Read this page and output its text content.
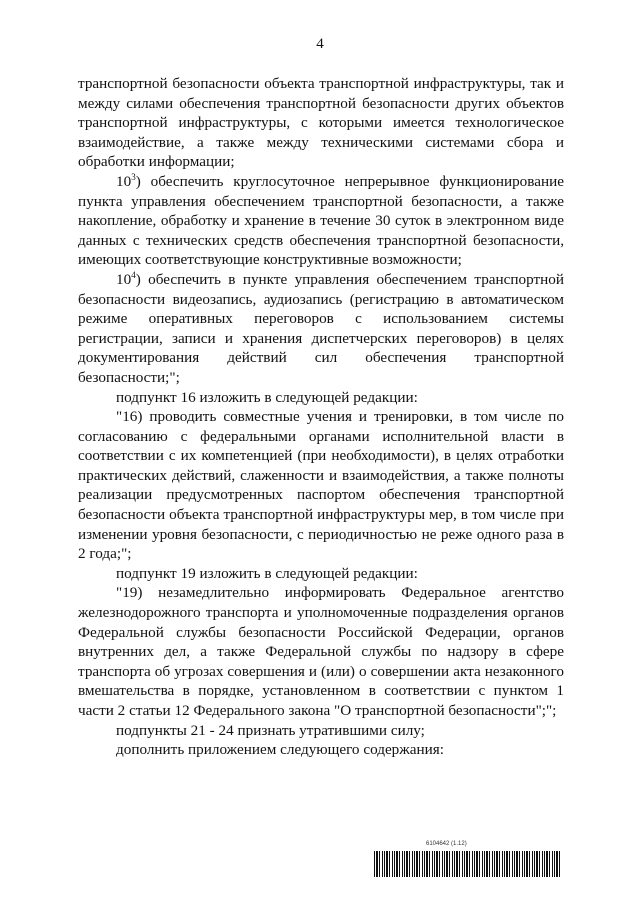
4

транспортной безопасности объекта транспортной инфраструктуры, так и между силами обеспечения транспортной безопасности других объектов транспортной инфраструктуры, с которыми имеется технологическое взаимодействие, а также между техническими системами сбора и обработки информации;

$10^3$) обеспечить круглосуточное непрерывное функционирование пункта управления обеспечением транспортной безопасности, а также накопление, обработку и хранение в течение 30 суток в электронном виде данных с технических средств обеспечения транспортной безопасности, имеющих соответствующие конструктивные возможности;

$10^4$) обеспечить в пункте управления обеспечением транспортной безопасности видеозапись, аудиозапись (регистрацию в автоматическом режиме оперативных переговоров с использованием системы регистрации, записи и хранения диспетчерских переговоров) в целях документирования действий сил обеспечения транспортной безопасности;";

подпункт 16 изложить в следующей редакции:

"16) проводить совместные учения и тренировки, в том числе по согласованию с федеральными органами исполнительной власти в соответствии с их компетенцией (при необходимости), в целях отработки практических действий, слаженности и взаимодействия, а также полноты реализации предусмотренных паспортом обеспечения транспортной безопасности объекта транспортной инфраструктуры мер, в том числе при изменении уровня безопасности, с периодичностью не реже одного раза в 2 года;";

подпункт 19 изложить в следующей редакции:

"19) незамедлительно информировать Федеральное агентство железнодорожного транспорта и уполномоченные подразделения органов Федеральной службы безопасности Российской Федерации, органов внутренних дел, а также Федеральной службы по надзору в сфере транспорта об угрозах совершения и (или) о совершении акта незаконного вмешательства в порядке, установленном в соответствии с пунктом 1 части 2 статьи 12 Федерального закона "О транспортной безопасности";";

подпункты 21 - 24 признать утратившими силу;

дополнить приложением следующего содержания:

6104642 (1.12)
